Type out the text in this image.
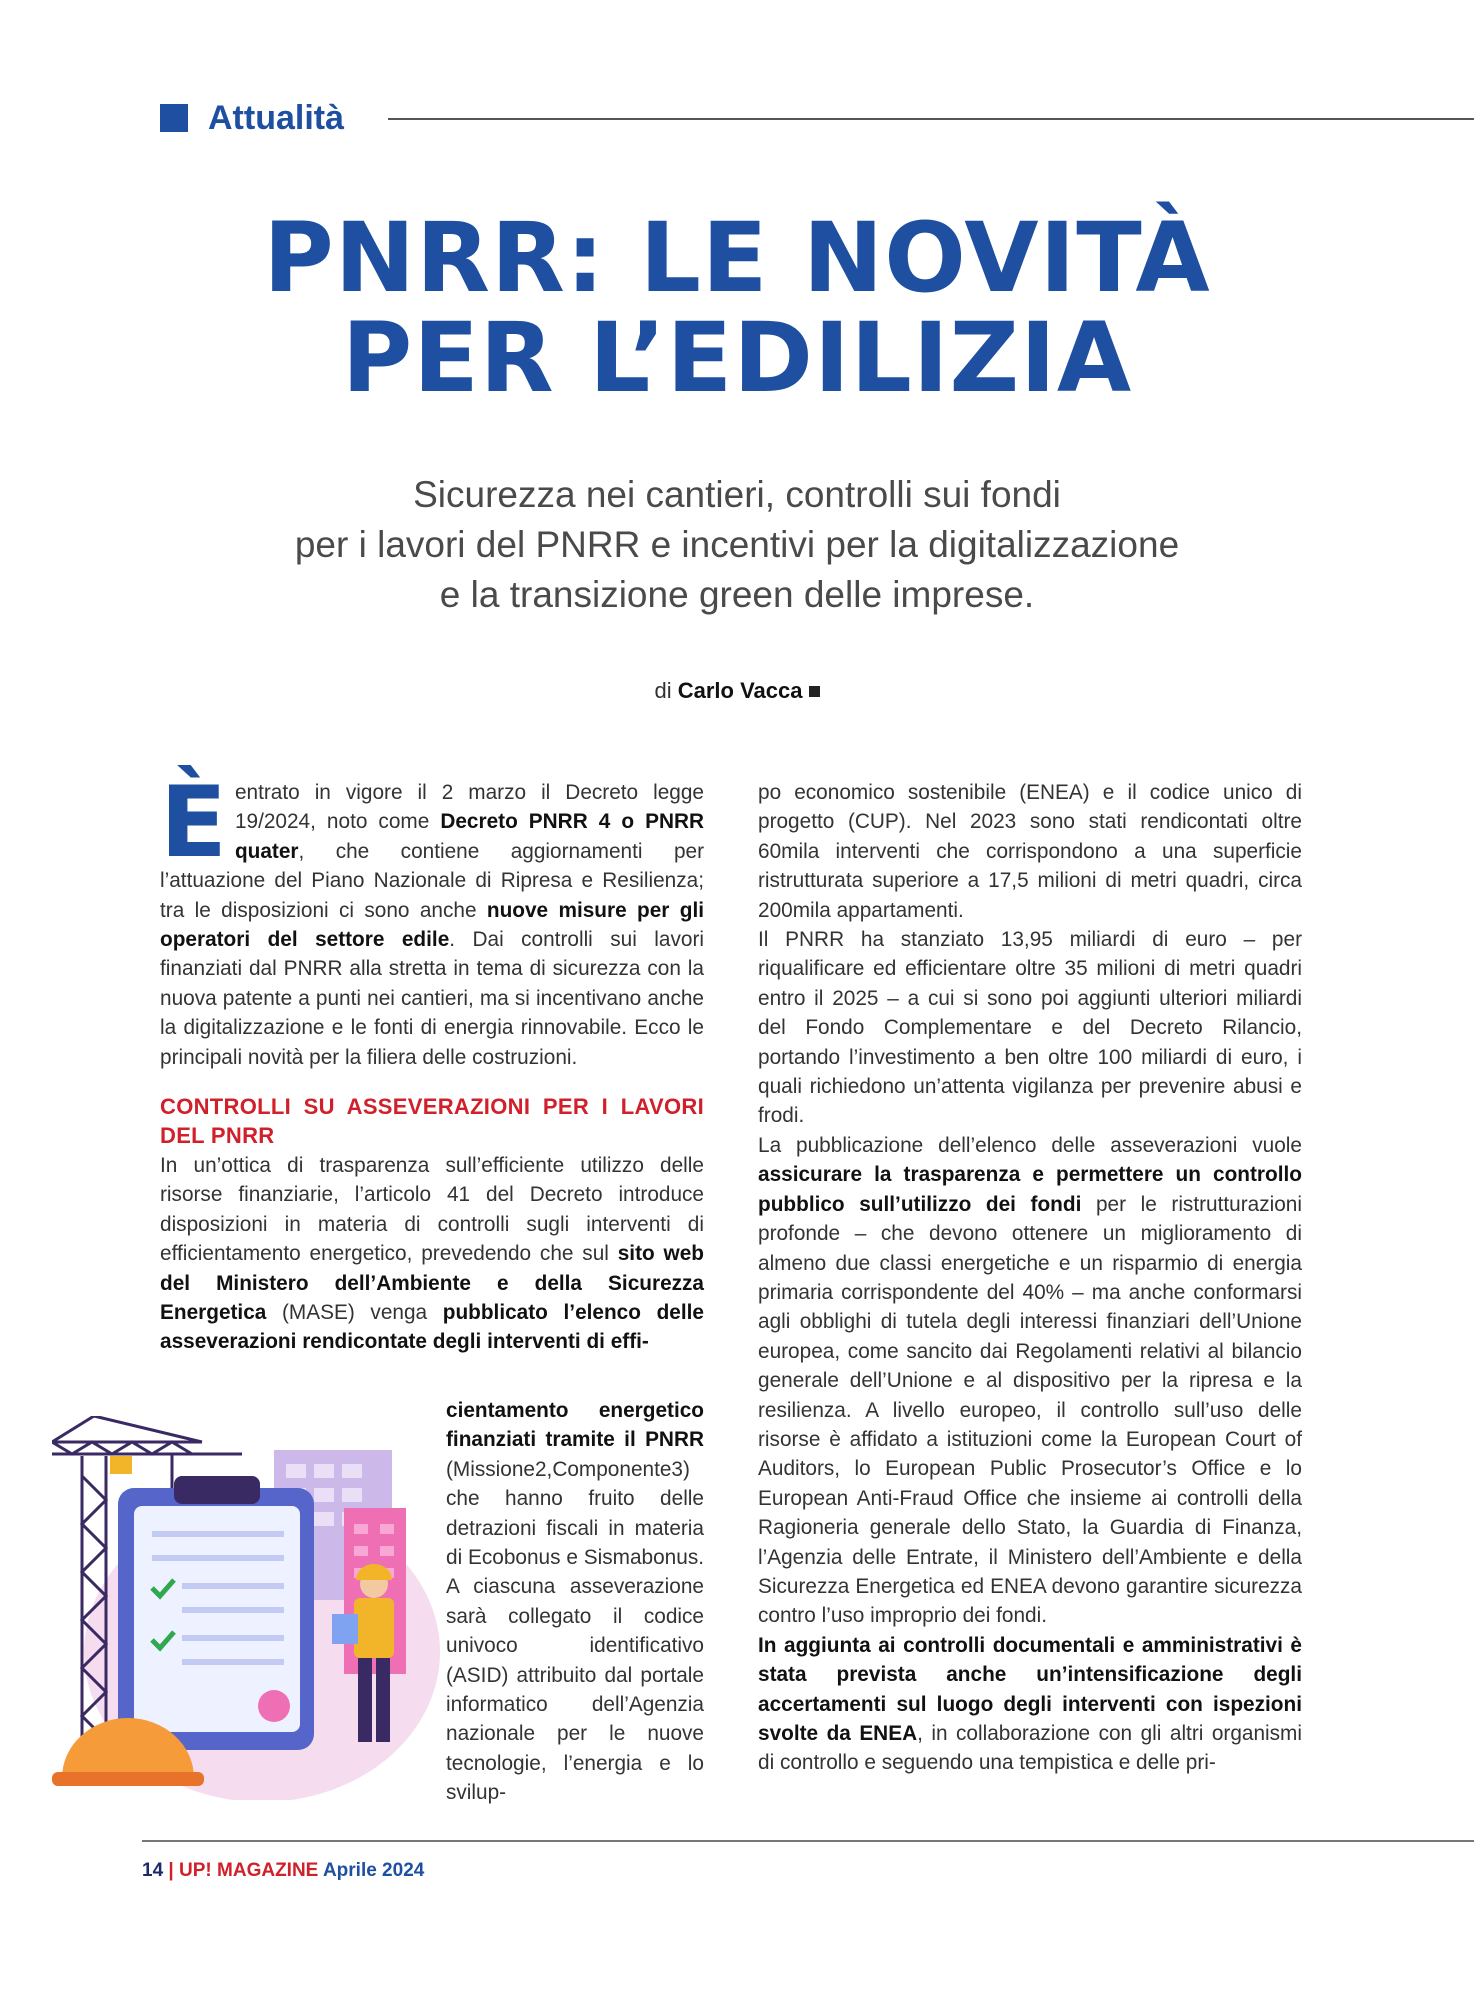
Attualità
PNRR: LE NOVITÀ
PER L’EDILIZIA
Sicurezza nei cantieri, controlli sui fondi
per i lavori del PNRR e incentivi per la digitalizzazione
e la transizione green delle imprese.
di Carlo Vacca

Èentrato in vigore il 2 marzo il Decreto legge 19/2024, noto come Decreto PNRR 4 o PNRR quater, che contiene aggiornamenti per l’attuazione del Piano Nazionale di Ripresa e Resilienza; tra le disposizioni ci sono anche nuove misure per gli operatori del settore edile. Dai controlli sui lavori finanziati dal PNRR alla stretta in tema di sicurezza con la nuova patente a punti nei cantieri, ma si incentivano anche la digitalizzazione e le fonti di energia rinnovabile. Ecco le principali novità per la filiera delle costruzioni.

CONTROLLI SU ASSEVERAZIONI PER I LAVORI DEL PNRR

In un’ottica di trasparenza sull’efficiente utilizzo delle risorse finanziarie, l’articolo 41 del Decreto introduce disposizioni in materia di controlli sugli interventi di efficientamento energetico, prevedendo che sul sito web del Ministero dell’Ambiente e della Sicurezza Energetica (MASE) venga pubblicato l’elenco delle asseverazioni rendicontate degli interventi di effi-

cientamento energetico finanziati tramite il PNRR (Missione2,Componente3) che hanno fruito delle detrazioni fiscali in materia di Ecobonus e Sismabonus. A ciascuna asseverazione sarà collegato il codice univoco identificativo (ASID) attribuito dal portale informatico dell’Agenzia nazionale per le nuove tecnologie, l’energia e lo svilup-

po economico sostenibile (ENEA) e il codice unico di progetto (CUP). Nel 2023 sono stati rendicontati oltre 60mila interventi che corrispondono a una superficie ristrutturata superiore a 17,5 milioni di metri quadri, circa 200mila appartamenti.

Il PNRR ha stanziato 13,95 miliardi di euro – per riqualificare ed efficientare oltre 35 milioni di metri quadri entro il 2025 – a cui si sono poi aggiunti ulteriori miliardi del Fondo Complementare e del Decreto Rilancio, portando l’investimento a ben oltre 100 miliardi di euro, i quali richiedono un’attenta vigilanza per prevenire abusi e frodi.

La pubblicazione dell’elenco delle asseverazioni vuole assicurare la trasparenza e permettere un controllo pubblico sull’utilizzo dei fondi per le ristrutturazioni profonde – che devono ottenere un miglioramento di almeno due classi energetiche e un risparmio di energia primaria corrispondente del 40% – ma anche conformarsi agli obblighi di tutela degli interessi finanziari dell’Unione europea, come sancito dai Regolamenti relativi al bilancio generale dell’Unione e al dispositivo per la ripresa e la resilienza. A livello europeo, il controllo sull’uso delle risorse è affidato a istituzioni come la European Court of Auditors, lo European Public Prosecutor’s Office e lo European Anti-Fraud Office che insieme ai controlli della Ragioneria generale dello Stato, la Guardia di Finanza, l’Agenzia delle Entrate, il Ministero dell’Ambiente e della Sicurezza Energetica ed ENEA devono garantire sicurezza contro l’uso improprio dei fondi.

In aggiunta ai controlli documentali e amministrativi è stata prevista anche un’intensificazione degli accertamenti sul luogo degli interventi con ispezioni svolte da ENEA, in collaborazione con gli altri organismi di controllo e seguendo una tempistica e delle pri-

14 | UP! MAGAZINE Aprile 2024
